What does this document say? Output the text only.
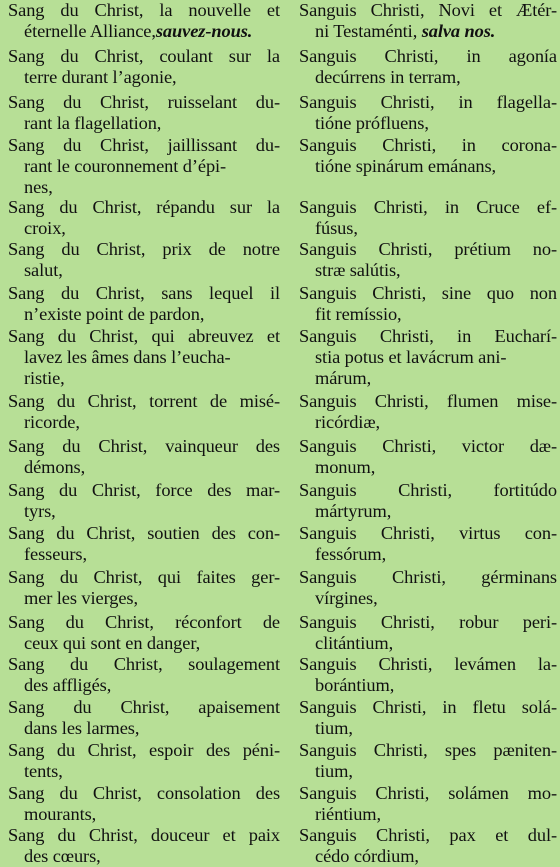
Sang du Christ, la nouvelle et
éternelle Alliance,sauvez-nous.
Sang du Christ, coulant sur la
terre durant l’agonie,
Sang du Christ, ruisselant du-
rant la flagellation,
Sang du Christ, jaillissant du-
rant le couronnement d’épi-
nes,
Sang du Christ, répandu sur la
croix,
Sang du Christ, prix de notre
salut,
Sang du Christ, sans lequel il
n’existe point de pardon,
Sang du Christ, qui abreuvez et
lavez les âmes dans l’eucha-
ristie,
Sang du Christ, torrent de misé-
ricorde,
Sang du Christ, vainqueur des
démons,
Sang du Christ, force des mar-
tyrs,
Sang du Christ, soutien des con-
fesseurs,
Sang du Christ, qui faites ger-
mer les vierges,
Sang du Christ, réconfort de
ceux qui sont en danger,
Sang du Christ, soulagement
des affligés,
Sang du Christ, apaisement
dans les larmes,
Sang du Christ, espoir des péni-
tents,
Sang du Christ, consolation des
mourants,
Sang du Christ, douceur et paix
des cœurs,
Sanguis Christi, Novi et Ætér-
ni Testaménti, salva nos.
Sanguis Christi, in agonía
decúrrens in terram,
Sanguis Christi, in flagella-
tióne prófluens,
Sanguis Christi, in corona-
tióne spinárum emánans,
Sanguis Christi, in Cruce ef-
fúsus,
Sanguis Christi, prétium no-
stræ salútis,
Sanguis Christi, sine quo non
fit remíssio,
Sanguis Christi, in Eucharí-
stia potus et lavácrum ani-
márum,
Sanguis Christi, flumen mise-
ricórdiæ,
Sanguis Christi, victor dæ-
monum,
Sanguis Christi, fortitúdo
mártyrum,
Sanguis Christi, virtus con-
fessórum,
Sanguis Christi, gérminans
vírgines,
Sanguis Christi, robur peri-
clitántium,
Sanguis Christi, levámen la-
borántium,
Sanguis Christi, in fletu solá-
tium,
Sanguis Christi, spes pæniten-
tium,
Sanguis Christi, solámen mo-
riéntium,
Sanguis Christi, pax et dul-
cédo córdium,
